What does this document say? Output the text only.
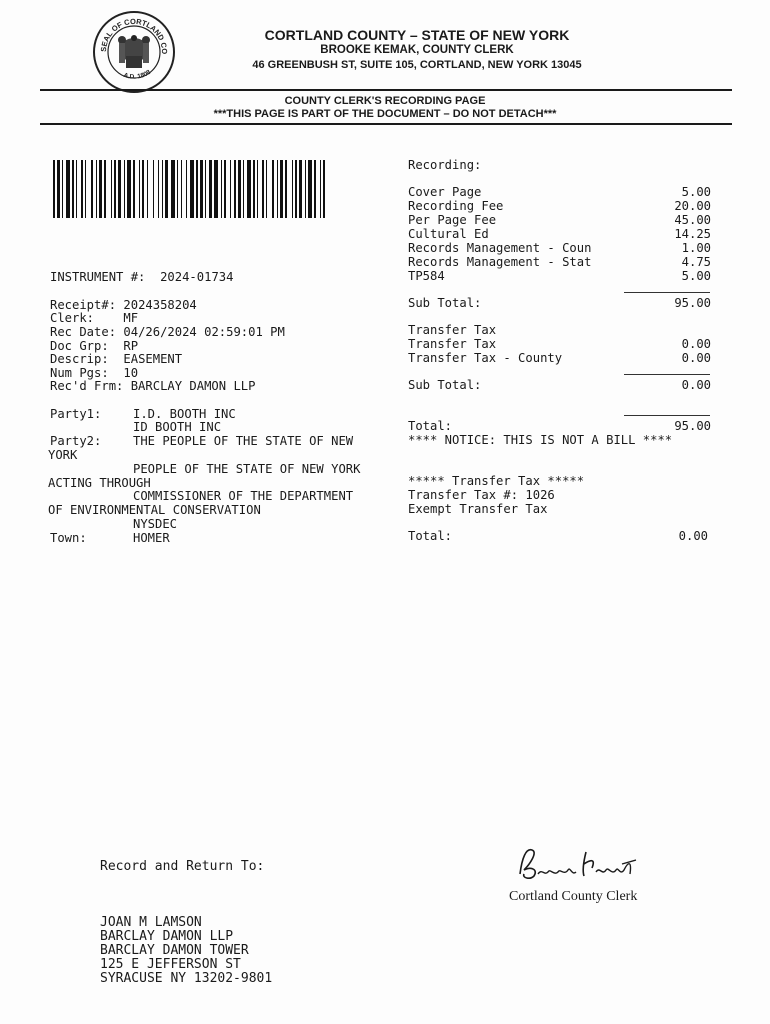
SEAL OF CORTLAND CO
A.D. 1808
CORTLAND COUNTY – STATE OF NEW YORK
BROOKE KEMAK, COUNTY CLERK
46 GREENBUSH ST, SUITE 105, CORTLAND, NEW YORK 13045
COUNTY CLERK'S RECORDING PAGE
***THIS PAGE IS PART OF THE DOCUMENT – DO NOT DETACH***
INSTRUMENT #: 2024-01734
Receipt#: 2024358204
Clerk: MF
Rec Date: 04/26/2024 02:59:01 PM
Doc Grp: RP
Descrip: EASEMENT
Num Pgs: 10
Rec'd Frm: BARCLAY DAMON LLP
Party1:	I.D. BOOTH INC
ID BOOTH INC
Party2:	THE PEOPLE OF THE STATE OF NEW
YORK
PEOPLE OF THE STATE OF NEW YORK
ACTING THROUGH
COMMISSIONER OF THE DEPARTMENT
OF ENVIRONMENTAL CONSERVATION
NYSDEC
Town:	HOMER
Recording:
Cover Page	5.00
Recording Fee	20.00
Per Page Fee	45.00
Cultural Ed	14.25
Records Management - Coun	1.00
Records Management - Stat	4.75
TP584	5.00
Sub Total:	95.00
Transfer Tax
Transfer Tax	0.00
Transfer Tax - County	0.00
Sub Total:	0.00
Total:	95.00
**** NOTICE: THIS IS NOT A BILL ****
***** Transfer Tax *****
Transfer Tax #: 1026
Exempt Transfer Tax
Total:	0.00
Record and Return To:
JOAN M LAMSON
BARCLAY DAMON LLP
BARCLAY DAMON TOWER
125 E JEFFERSON ST
SYRACUSE NY 13202-9801
Cortland County Clerk
